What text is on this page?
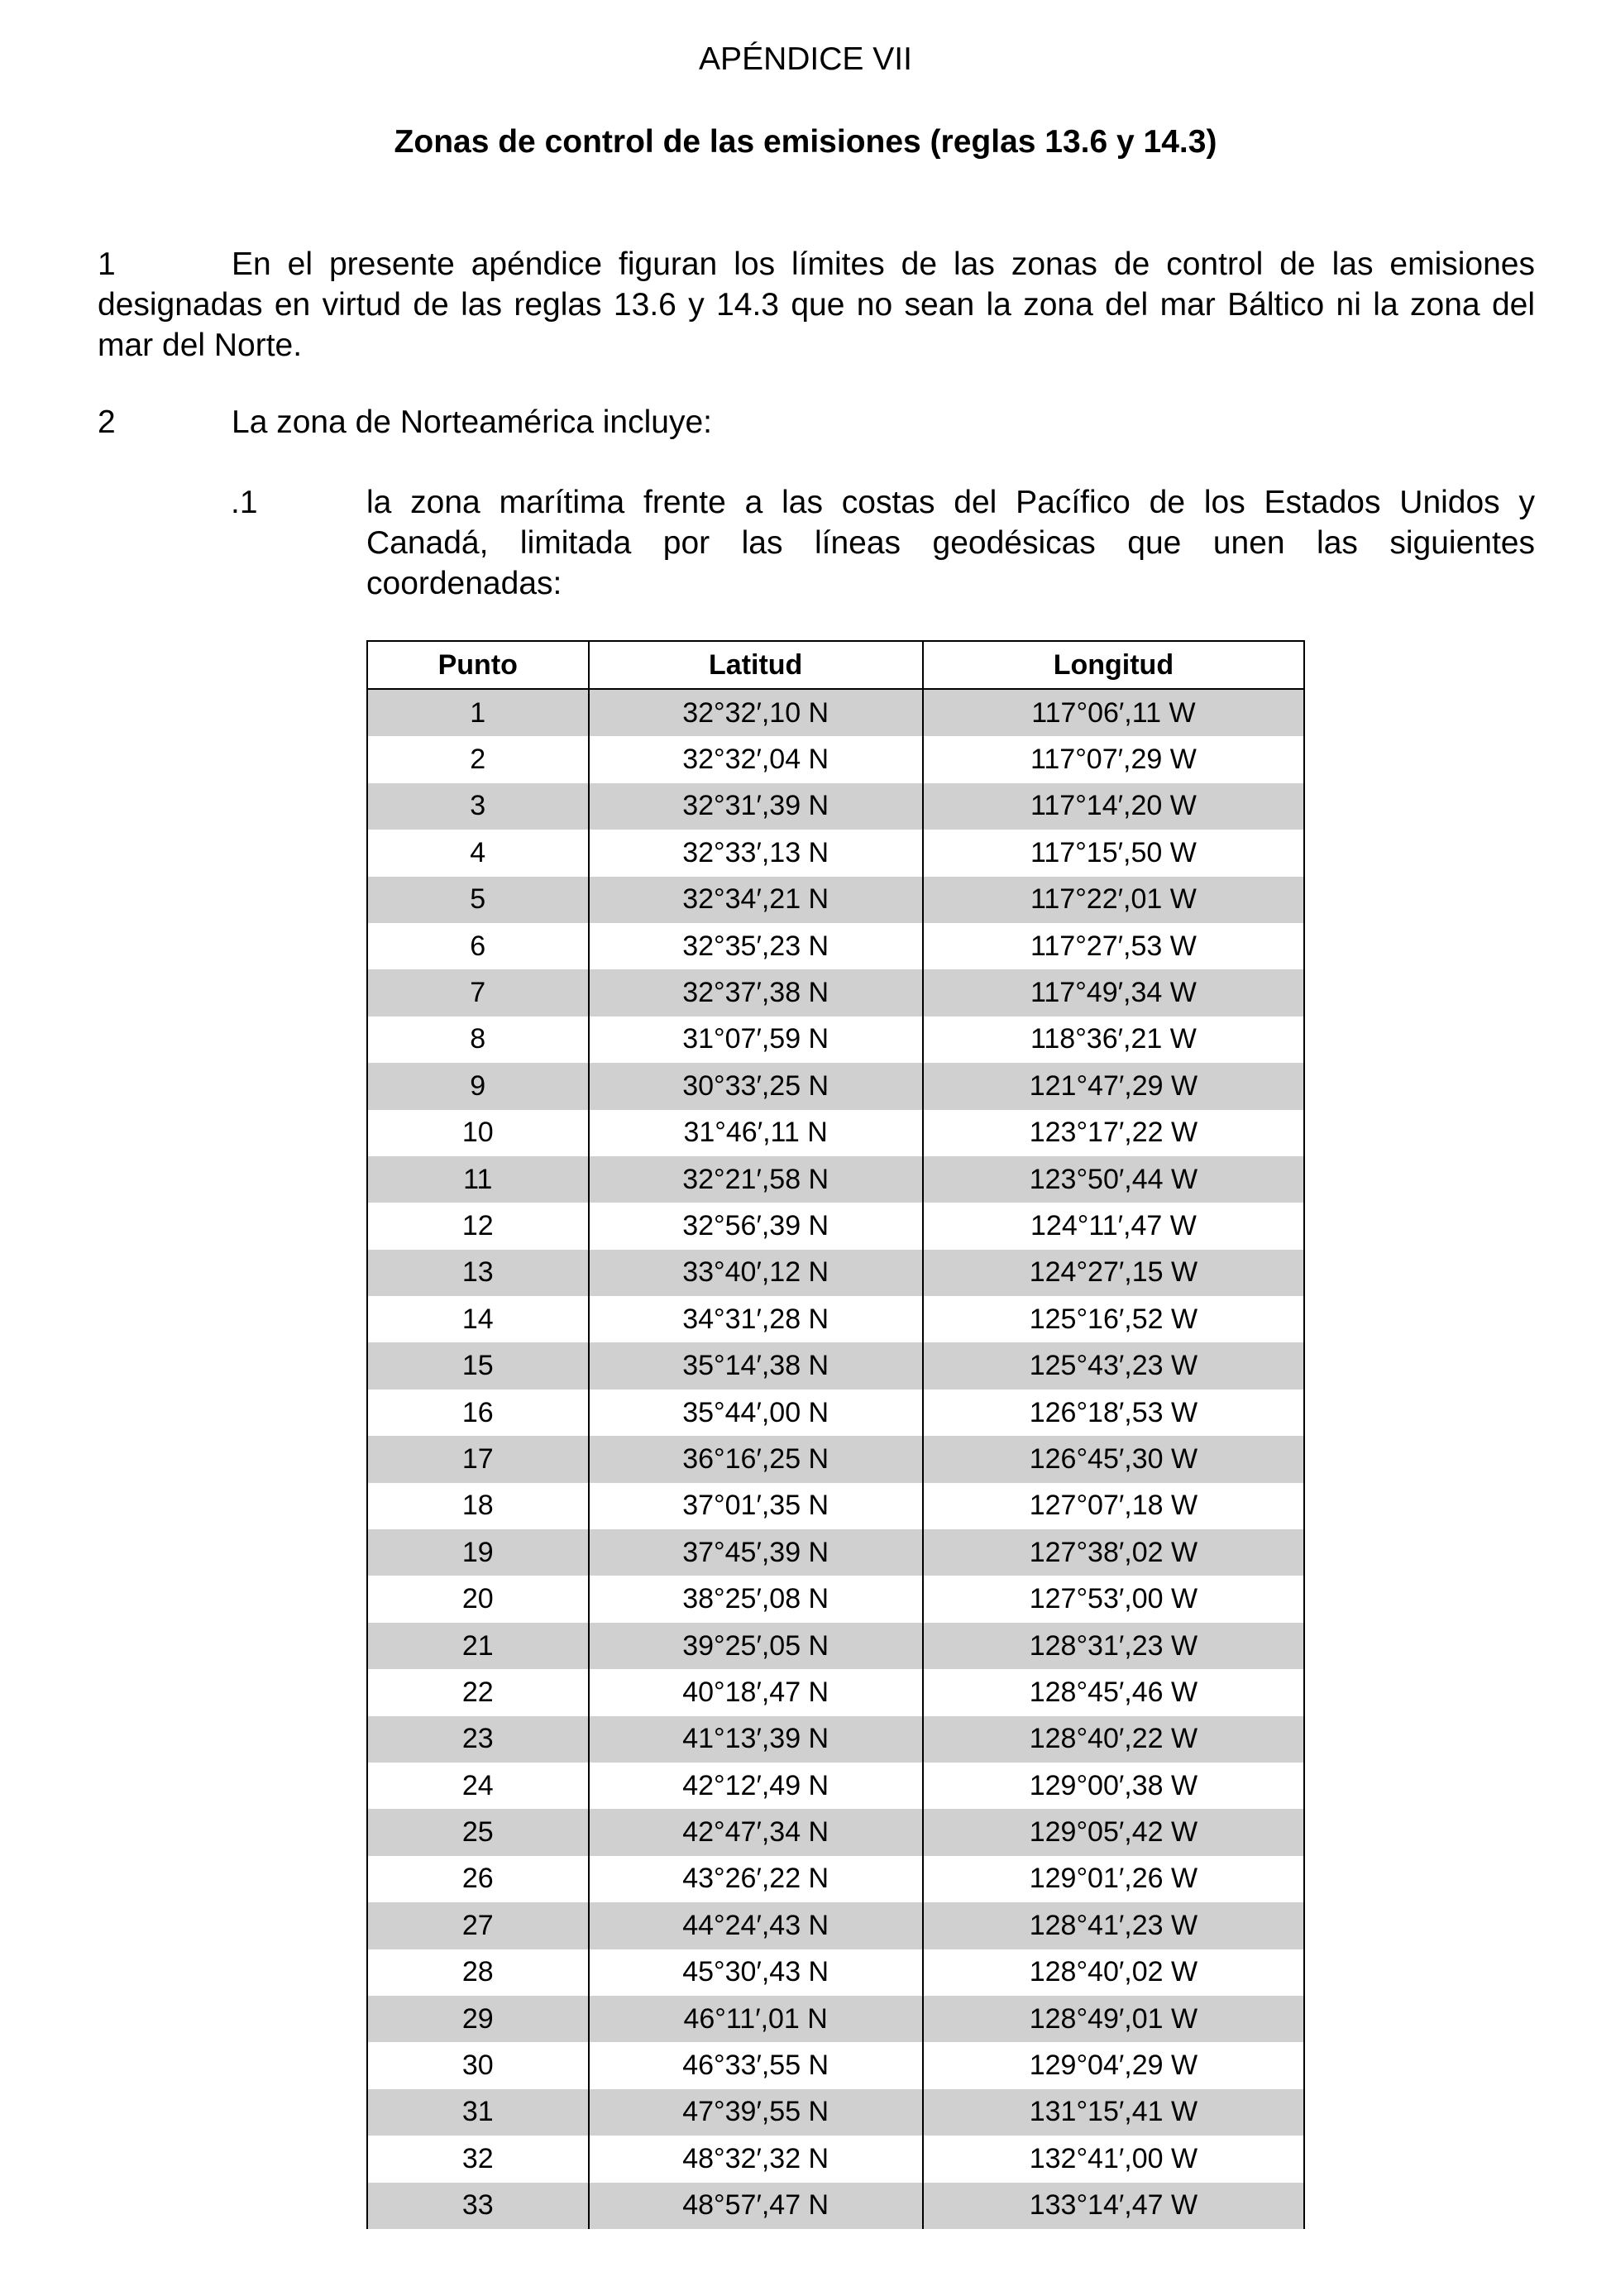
APÉNDICE VII
Zonas de control de las emisiones (reglas 13.6 y 14.3)
1	En el presente apéndice figuran los límites de las zonas de control de las emisiones designadas en virtud de las reglas 13.6 y 14.3 que no sean la zona del mar Báltico ni la zona del mar del Norte.
2	La zona de Norteamérica incluye:
.1	la zona marítima frente a las costas del Pacífico de los Estados Unidos y
Canadá, limitada por las líneas geodésicas que unen las siguientes
coordenadas:
Punto	Latitud	Longitud
1	32°32′,10 N	117°06′,11 W
2	32°32′,04 N	117°07′,29 W
3	32°31′,39 N	117°14′,20 W
4	32°33′,13 N	117°15′,50 W
5	32°34′,21 N	117°22′,01 W
6	32°35′,23 N	117°27′,53 W
7	32°37′,38 N	117°49′,34 W
8	31°07′,59 N	118°36′,21 W
9	30°33′,25 N	121°47′,29 W
10	31°46′,11 N	123°17′,22 W
11	32°21′,58 N	123°50′,44 W
12	32°56′,39 N	124°11′,47 W
13	33°40′,12 N	124°27′,15 W
14	34°31′,28 N	125°16′,52 W
15	35°14′,38 N	125°43′,23 W
16	35°44′,00 N	126°18′,53 W
17	36°16′,25 N	126°45′,30 W
18	37°01′,35 N	127°07′,18 W
19	37°45′,39 N	127°38′,02 W
20	38°25′,08 N	127°53′,00 W
21	39°25′,05 N	128°31′,23 W
22	40°18′,47 N	128°45′,46 W
23	41°13′,39 N	128°40′,22 W
24	42°12′,49 N	129°00′,38 W
25	42°47′,34 N	129°05′,42 W
26	43°26′,22 N	129°01′,26 W
27	44°24′,43 N	128°41′,23 W
28	45°30′,43 N	128°40′,02 W
29	46°11′,01 N	128°49′,01 W
30	46°33′,55 N	129°04′,29 W
31	47°39′,55 N	131°15′,41 W
32	48°32′,32 N	132°41′,00 W
33	48°57′,47 N	133°14′,47 W
